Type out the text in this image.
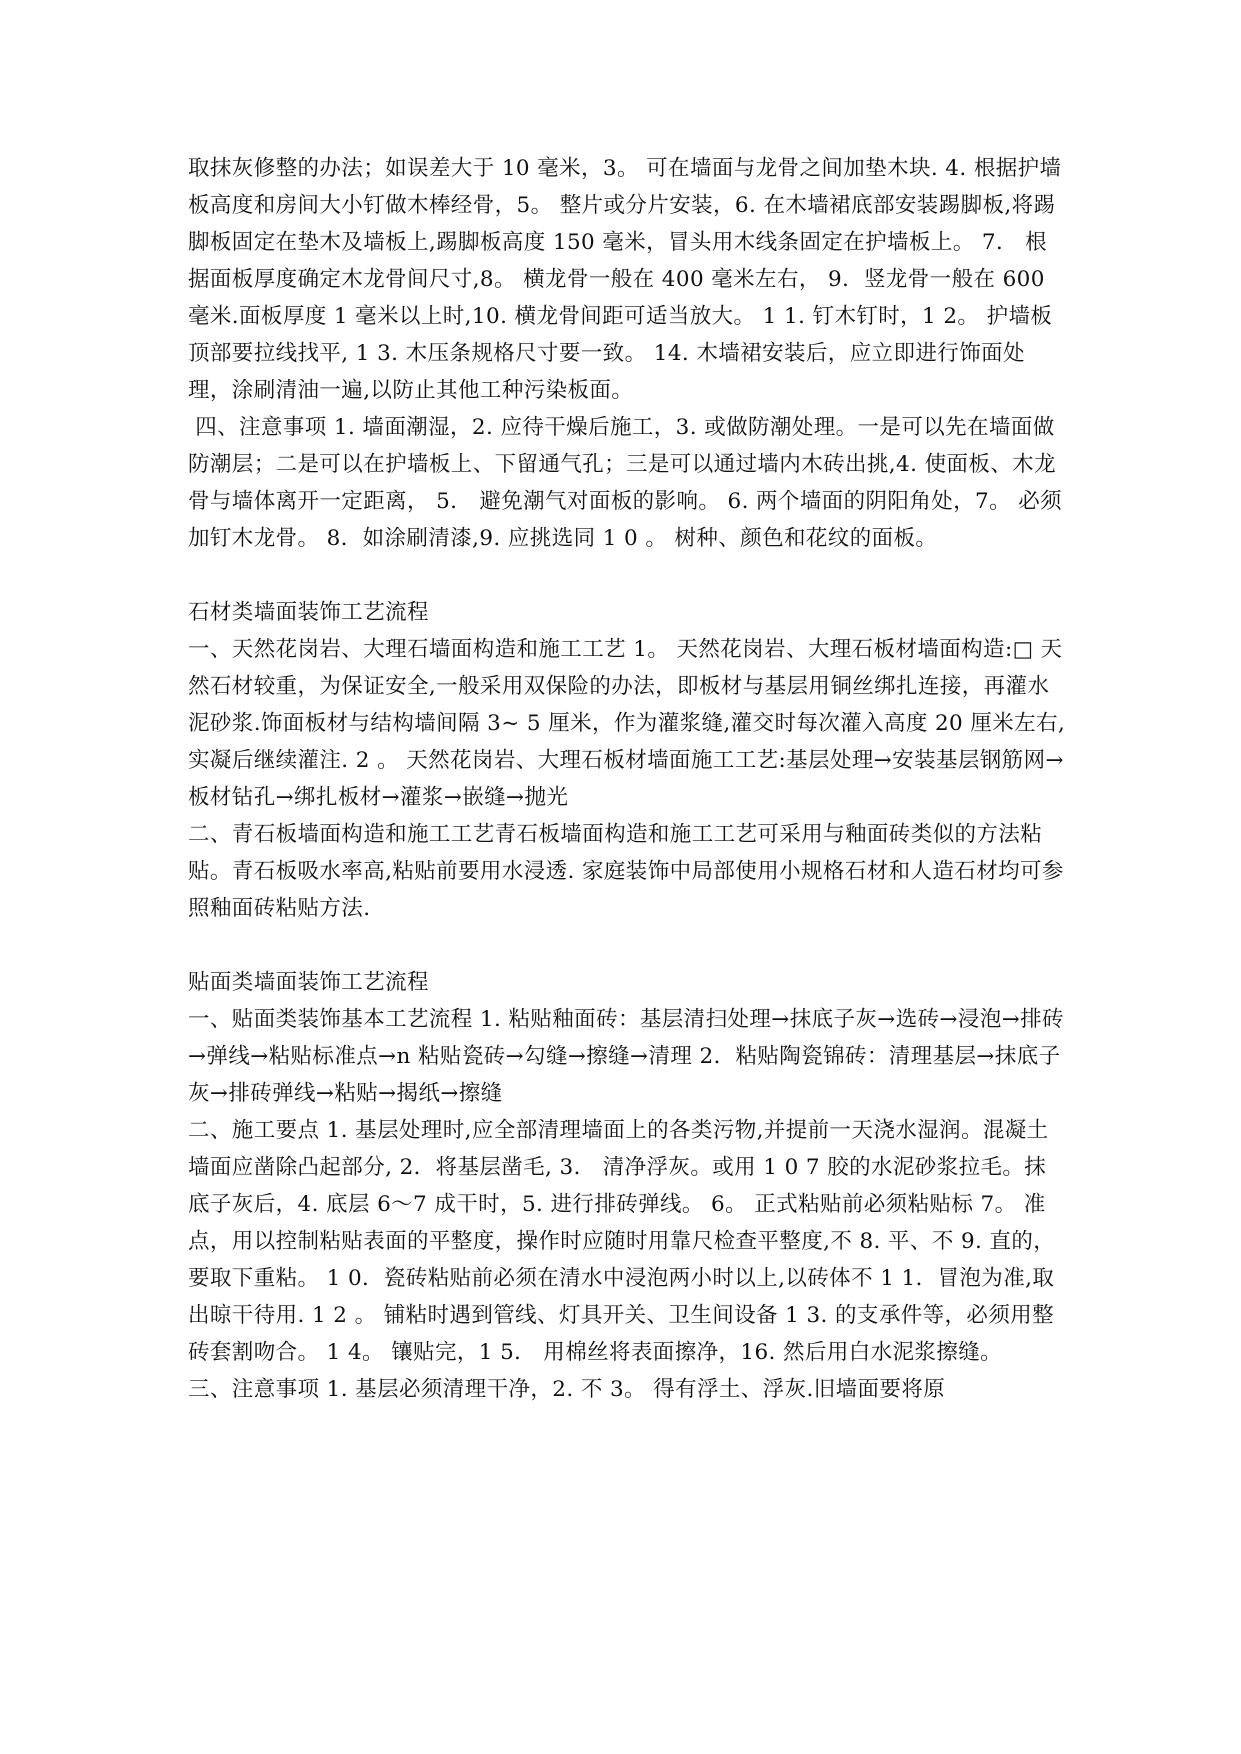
取抹灰修整的办法；如误差大于 10 毫米，3。 可在墙面与龙骨之间加垫木块. 4. 根据护墙板高度和房间大小钉做木棒经骨，5。 整片或分片安装，6. 在木墙裙底部安装踢脚板,将踢脚板固定在垫木及墙板上,踢脚板高度 150 毫米，冒头用木线条固定在护墙板上。 7． 根据面板厚度确定木龙骨间尺寸,8。 横龙骨一般在 400 毫米左右， 9．竖龙骨一般在 600 毫米.面板厚度 1 毫米以上时,10. 横龙骨间距可适当放大。 1 1. 钉木钉时，1 2。 护墙板顶部要拉线找平, 1 3. 木压条规格尺寸要一致。 14. 木墙裙安装后，应立即进行饰面处理，涂刷清油一遍,以防止其他工种污染板面。

四、注意事项 1. 墙面潮湿，2. 应待干燥后施工，3. 或做防潮处理。一是可以先在墙面做防潮层；二是可以在护墙板上、下留通气孔；三是可以通过墙内木砖出挑,4. 使面板、木龙骨与墙体离开一定距离， 5． 避免潮气对面板的影响。 6. 两个墙面的阴阳角处，7。 必须加钉木龙骨。 8．如涂刷清漆,9. 应挑选同 1 0 。 树种、颜色和花纹的面板。

石材类墙面装饰工艺流程

一、天然花岗岩、大理石墙面构造和施工工艺 1。 天然花岗岩、大理石板材墙面构造:□ 天然石材较重，为保证安全,一般采用双保险的办法，即板材与基层用铜丝绑扎连接，再灌水泥砂浆.饰面板材与结构墙间隔 3~ 5 厘米，作为灌浆缝,灌交时每次灌入高度 20 厘米左右,实凝后继续灌注. 2 。 天然花岗岩、大理石板材墙面施工工艺:基层处理→安装基层钢筋网→板材钻孔→绑扎板材→灌浆→嵌缝→抛光

二、青石板墙面构造和施工工艺青石板墙面构造和施工工艺可采用与釉面砖类似的方法粘贴。青石板吸水率高,粘贴前要用水浸透. 家庭装饰中局部使用小规格石材和人造石材均可参照釉面砖粘贴方法.

贴面类墙面装饰工艺流程

一、贴面类装饰基本工艺流程 1. 粘贴釉面砖：基层清扫处理→抹底子灰→选砖→浸泡→排砖→弹线→粘贴标准点→n 粘贴瓷砖→勾缝→擦缝→清理 2．粘贴陶瓷锦砖：清理基层→抹底子灰→排砖弹线→粘贴→揭纸→擦缝

二、施工要点 1. 基层处理时,应全部清理墙面上的各类污物,并提前一天浇水湿润。混凝土墙面应凿除凸起部分, 2．将基层凿毛, 3． 清净浮灰。或用 1 0 7 胶的水泥砂浆拉毛。抹底子灰后，4. 底层 6～7 成干时，5. 进行排砖弹线。 6。 正式粘贴前必须粘贴标 7。 准点，用以控制粘贴表面的平整度，操作时应随时用靠尺检查平整度,不 8. 平、不 9. 直的，要取下重粘。 1 0．瓷砖粘贴前必须在清水中浸泡两小时以上,以砖体不 1 1．冒泡为准,取出晾干待用. 1 2 。 铺粘时遇到管线、灯具开关、卫生间设备 1 3. 的支承件等，必须用整砖套割吻合。 1 4。 镶贴完，1 5． 用棉丝将表面擦净，16. 然后用白水泥浆擦缝。

三、注意事项 1. 基层必须清理干净，2. 不 3。 得有浮土、浮灰.旧墙面要将原
